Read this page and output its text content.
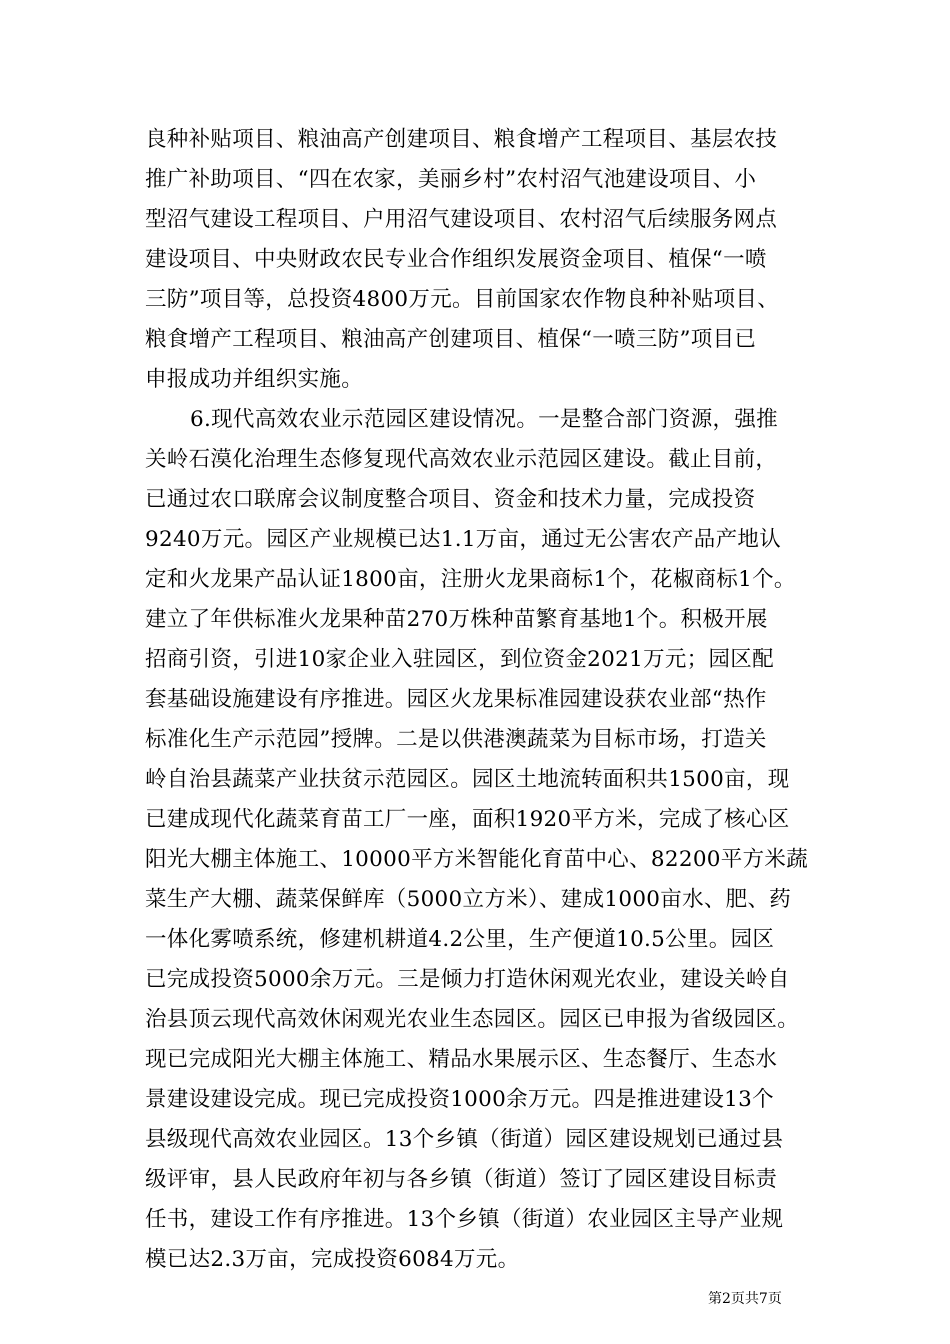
良种补贴项目、粮油高产创建项目、粮食增产工程项目、基层农技
推广补助项目、“四在农家，美丽乡村”农村沼气池建设项目、小
型沼气建设工程项目、户用沼气建设项目、农村沼气后续服务网点
建设项目、中央财政农民专业合作组织发展资金项目、植保“一喷
三防”项目等，总投资4800万元。目前国家农作物良种补贴项目、
粮食增产工程项目、粮油高产创建项目、植保“一喷三防”项目已
申报成功并组织实施。
6.现代高效农业示范园区建设情况。一是整合部门资源，强推
关岭石漠化治理生态修复现代高效农业示范园区建设。截止目前，
已通过农口联席会议制度整合项目、资金和技术力量，完成投资
9240万元。园区产业规模已达1.1万亩，通过无公害农产品产地认
定和火龙果产品认证1800亩，注册火龙果商标1个，花椒商标1个。
建立了年供标准火龙果种苗270万株种苗繁育基地1个。积极开展
招商引资，引进10家企业入驻园区，到位资金2021万元；园区配
套基础设施建设有序推进。园区火龙果标准园建设获农业部“热作
标准化生产示范园”授牌。二是以供港澳蔬菜为目标市场，打造关
岭自治县蔬菜产业扶贫示范园区。园区土地流转面积共1500亩，现
已建成现代化蔬菜育苗工厂一座，面积1920平方米，完成了核心区
阳光大棚主体施工、10000平方米智能化育苗中心、82200平方米蔬
菜生产大棚、蔬菜保鲜库（5000立方米）、建成1000亩水、肥、药
一体化雾喷系统，修建机耕道4.2公里，生产便道10.5公里。园区
已完成投资5000余万元。三是倾力打造休闲观光农业，建设关岭自
治县顶云现代高效休闲观光农业生态园区。园区已申报为省级园区。
现已完成阳光大棚主体施工、精品水果展示区、生态餐厅、生态水
景建设建设完成。现已完成投资1000余万元。四是推进建设13个
县级现代高效农业园区。13个乡镇（街道）园区建设规划已通过县
级评审，县人民政府年初与各乡镇（街道）签订了园区建设目标责
任书，建设工作有序推进。13个乡镇（街道）农业园区主导产业规
模已达2.3万亩，完成投资6084万元。
第2页共7页
